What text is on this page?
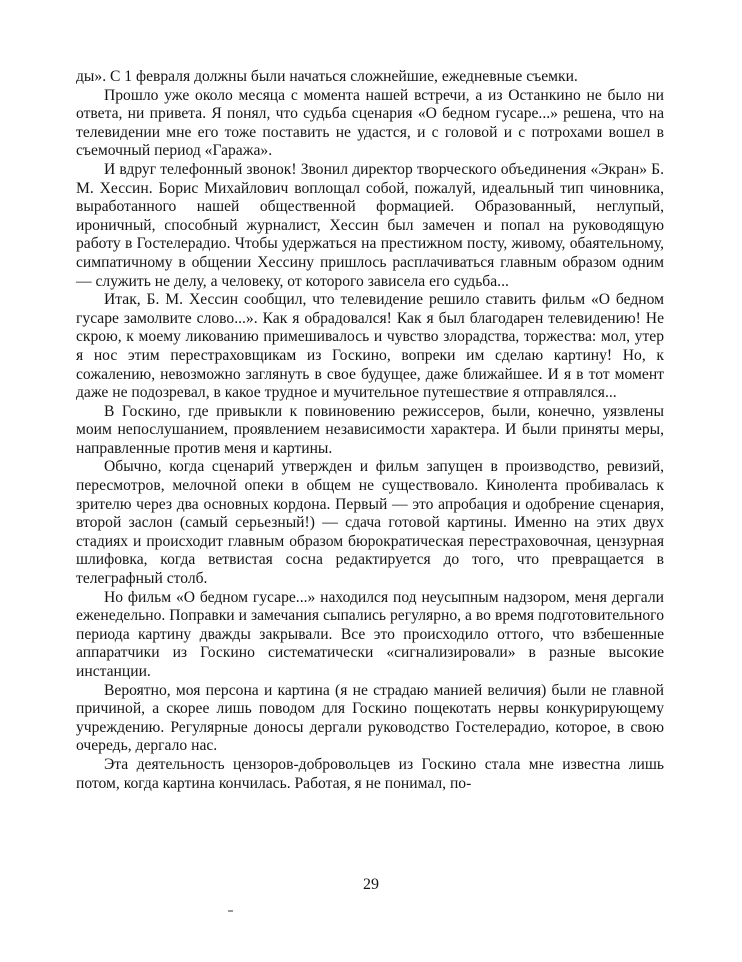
ды». С 1 февраля должны были начаться сложнейшие, ежедневные съемки.

Прошло уже около месяца с момента нашей встречи, а из Останкино не было ни ответа, ни привета. Я понял, что судьба сценария «О бедном гусаре...» решена, что на телевидении мне его тоже поставить не удастся, и с головой и с потрохами вошел в съемочный период «Гаража».

И вдруг телефонный звонок! Звонил директор творческого объединения «Экран» Б. М. Хессин. Борис Михайлович воплощал собой, пожалуй, идеальный тип чиновника, выработанного нашей общественной формацией. Образованный, неглупый, ироничный, способный журналист, Хессин был замечен и попал на руководящую работу в Гостелерадио. Чтобы удержаться на престижном посту, живому, обаятельному, симпатичному в общении Хессину пришлось расплачиваться главным образом одним — служить не делу, а человеку, от которого зависела его судьба...

Итак, Б. М. Хессин сообщил, что телевидение решило ставить фильм «О бедном гусаре замолвите слово...». Как я обрадовался! Как я был благодарен телевидению! Не скрою, к моему ликованию примешивалось и чувство злорадства, торжества: мол, утер я нос этим перестраховщикам из Госкино, вопреки им сделаю картину! Но, к сожалению, невозможно заглянуть в свое будущее, даже ближайшее. И я в тот момент даже не подозревал, в какое трудное и мучительное путешествие я отправлялся...

В Госкино, где привыкли к повиновению режиссеров, были, конечно, уязвлены моим непослушанием, проявлением независимости характера. И были приняты меры, направленные против меня и картины.

Обычно, когда сценарий утвержден и фильм запущен в производство, ревизий, пересмотров, мелочной опеки в общем не существовало. Кинолента пробивалась к зрителю через два основных кордона. Первый — это апробация и одобрение сценария, второй заслон (самый серьезный!) — сдача готовой картины. Именно на этих двух стадиях и происходит главным образом бюрократическая перестраховочная, цензурная шлифовка, когда ветвистая сосна редактируется до того, что превращается в телеграфный столб.

Но фильм «О бедном гусаре...» находился под неусыпным надзором, меня дергали еженедельно. Поправки и замечания сыпались регулярно, а во время подготовительного периода картину дважды закрывали. Все это происходило оттого, что взбешенные аппаратчики из Госкино систематически «сигнализировали» в разные высокие инстанции.

Вероятно, моя персона и картина (я не страдаю манией величия) были не главной причиной, а скорее лишь поводом для Госкино пощекотать нервы конкурирующему учреждению. Регулярные доносы дергали руководство Гостелерадио, которое, в свою очередь, дергало нас.

Эта деятельность цензоров-добровольцев из Госкино стала мне известна лишь потом, когда картина кончилась. Работая, я не понимал, по-

29
